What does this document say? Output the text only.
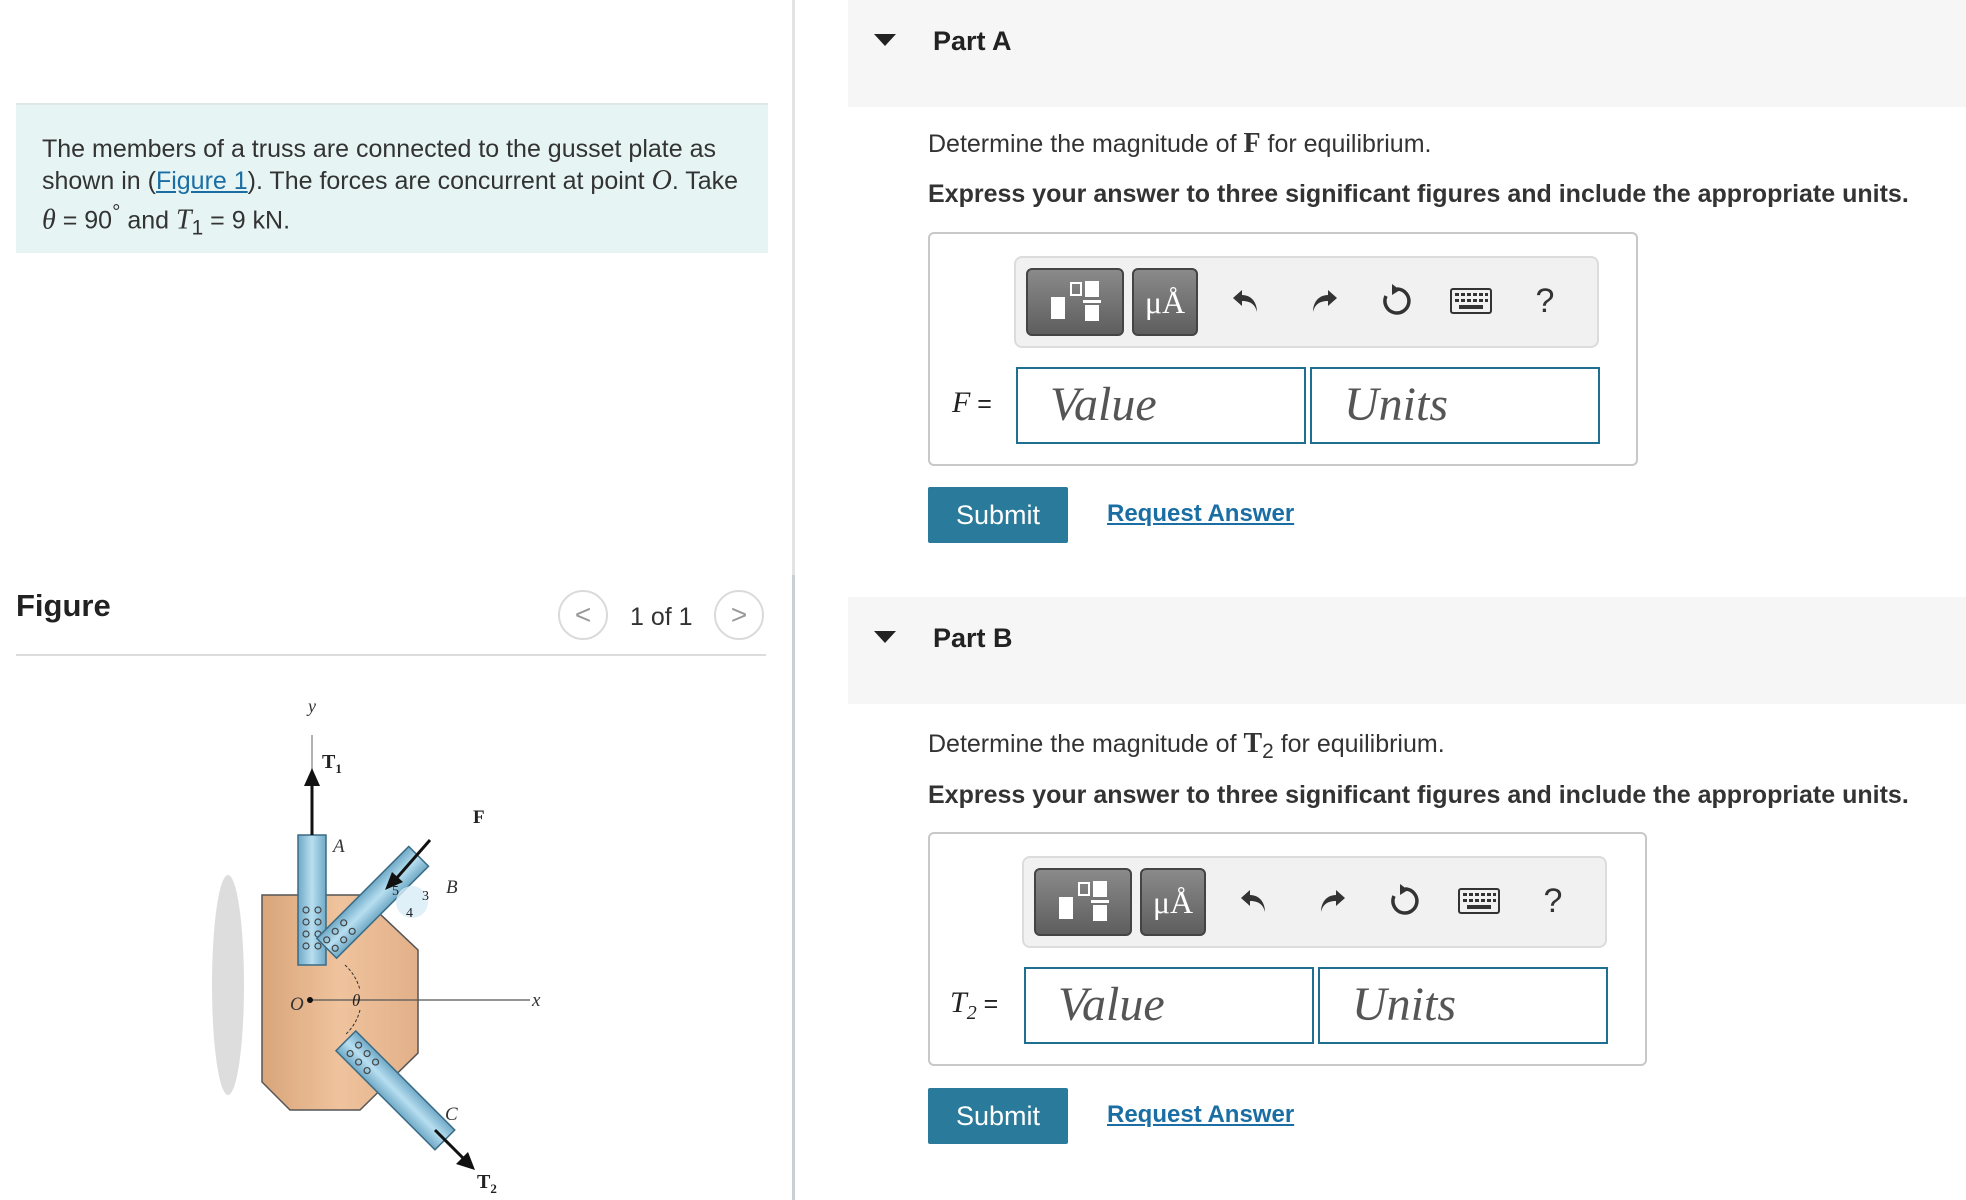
The members of a truss are connected to the gusset plate as shown in (Figure 1). The forces are concurrent at point O. Take θ = 90° and $T_1 = 9$ kN.
Figure	< 1 of 1 >
y
$T_1$
A
F
B
5 3
4
x
O	θ
C
$T_2$
Part A
Determine the magnitude of F for equilibrium.
Express your answer to three significant figures and include the appropriate units.
μÅ	?
F =	Value	Units
Submit	Request Answer
Part B
Determine the magnitude of $T_2$ for equilibrium.
Express your answer to three significant figures and include the appropriate units.
μÅ	?
$T_2$ =	Value	Units
Submit	Request Answer
